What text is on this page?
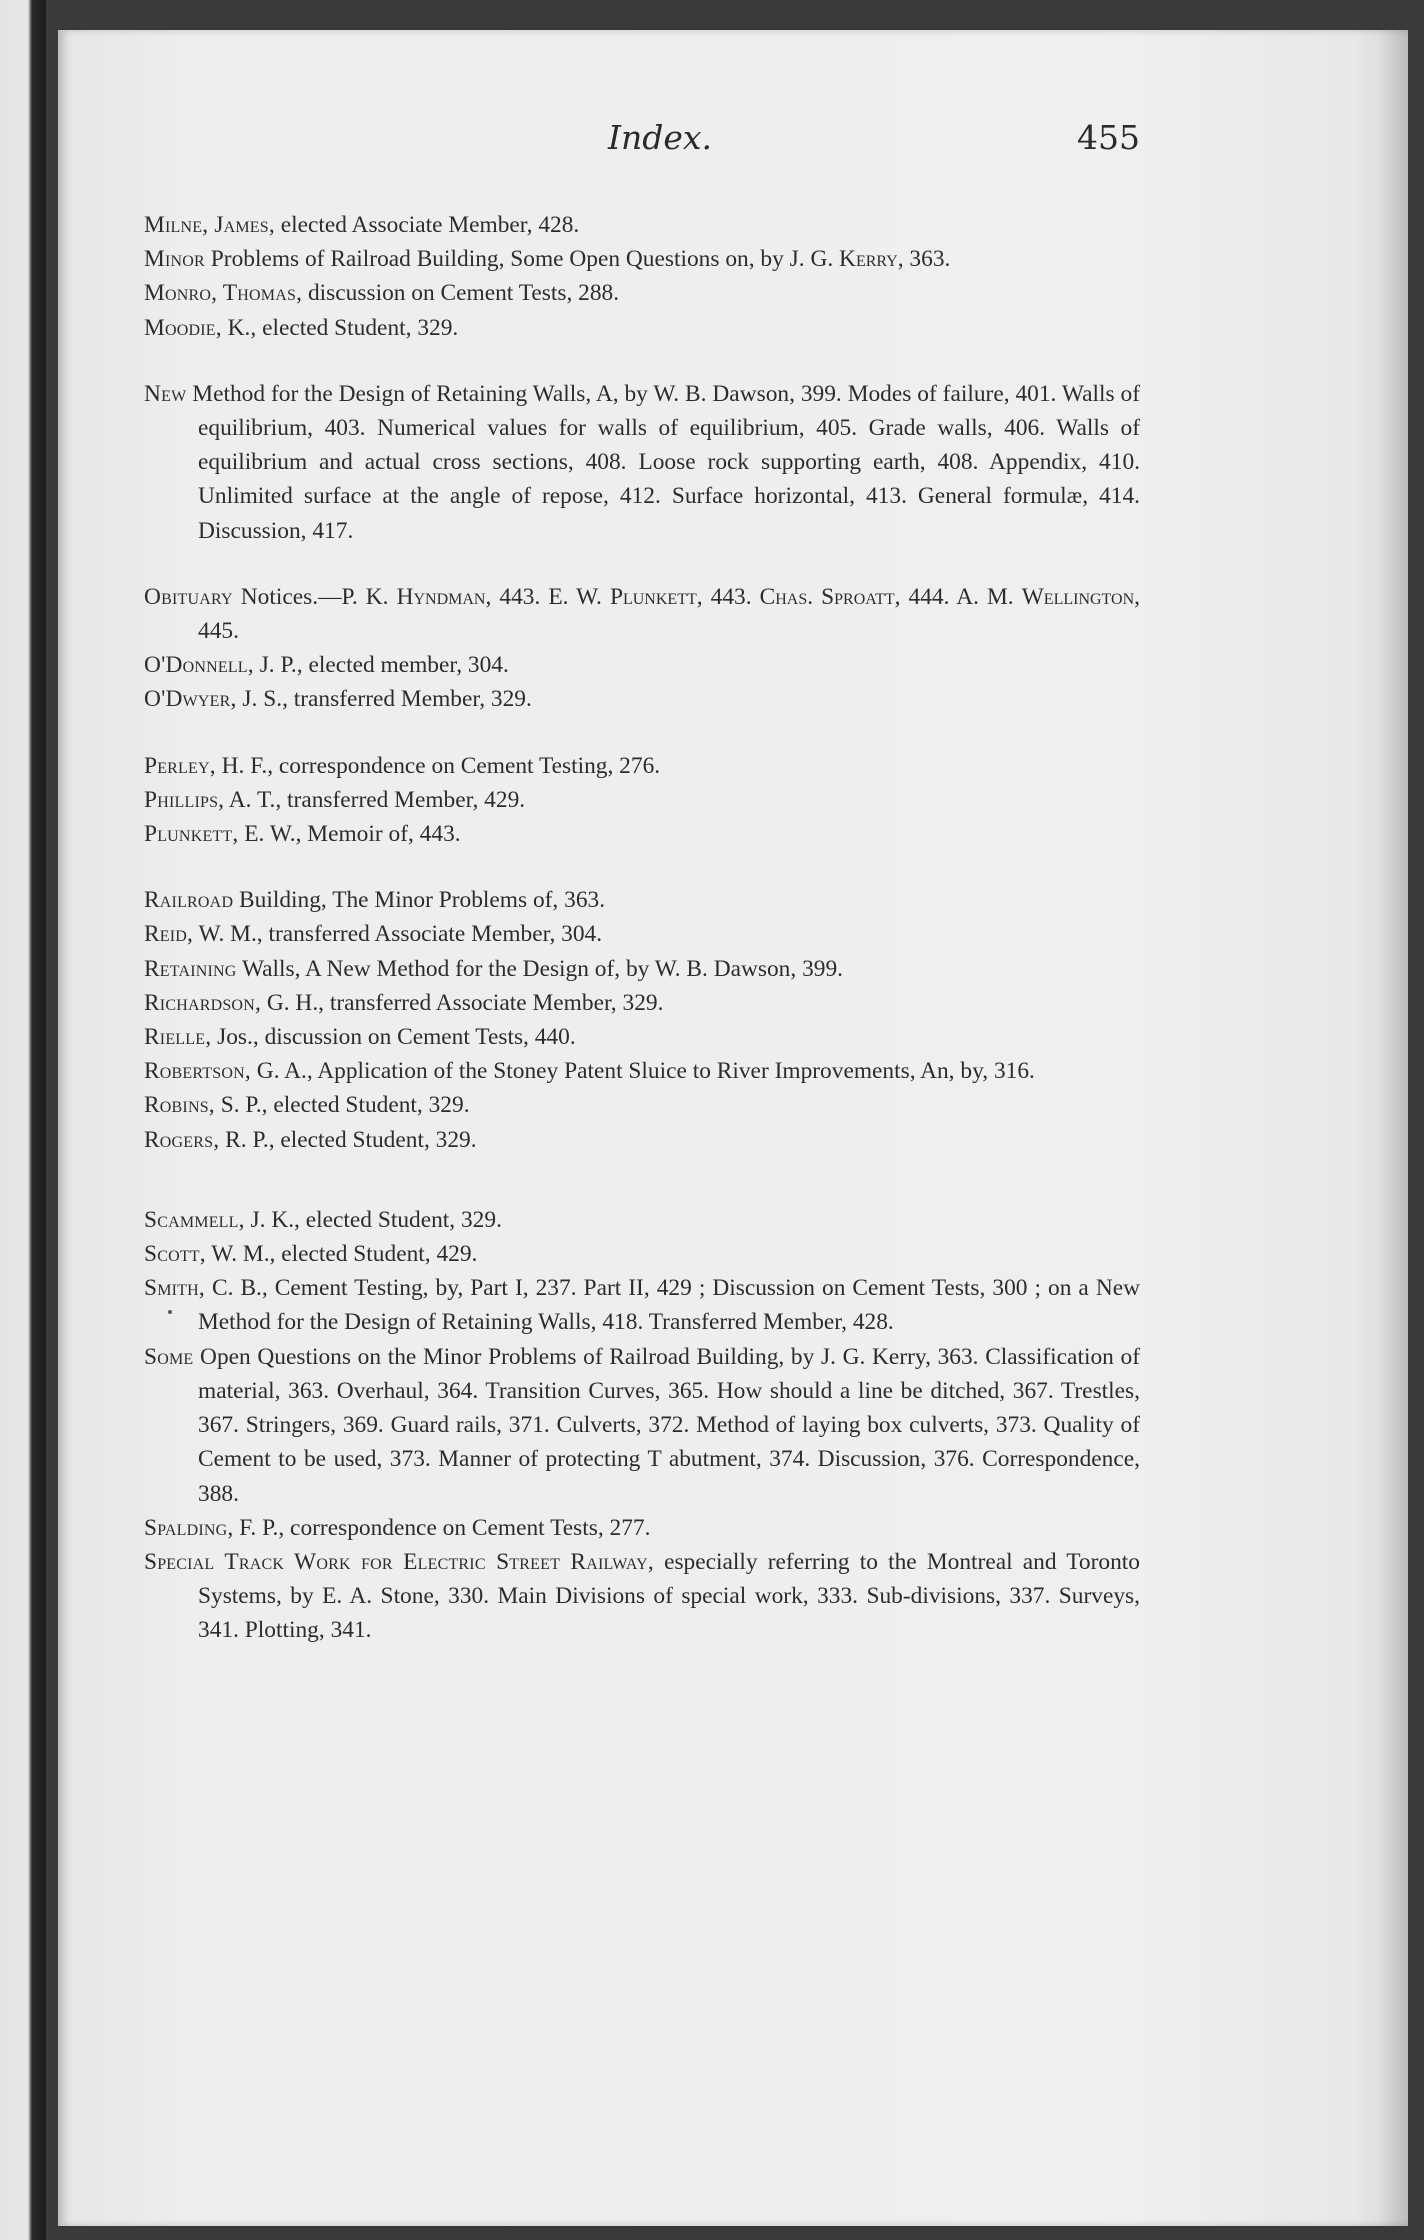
Index.	455

Milne, James, elected Associate Member, 428.

Minor Problems of Railroad Building, Some Open Questions on, by J. G. Kerry, 363.

Monro, Thomas, discussion on Cement Tests, 288.

Moodie, K., elected Student, 329.

New Method for the Design of Retaining Walls, A, by W. B. Dawson, 399. Modes of failure, 401. Walls of equilibrium, 403. Numerical values for walls of equilibrium, 405. Grade walls, 406. Walls of equilibrium and actual cross sections, 408. Loose rock supporting earth, 408. Appendix, 410. Unlimited surface at the angle of repose, 412. Surface horizontal, 413. General formulæ, 414. Discussion, 417.

Obituary Notices.—P. K. Hyndman, 443. E. W. Plunkett, 443. Chas. Sproatt, 444. A. M. Wellington, 445.

O'Donnell, J. P., elected member, 304.

O'Dwyer, J. S., transferred Member, 329.

Perley, H. F., correspondence on Cement Testing, 276.

Phillips, A. T., transferred Member, 429.

Plunkett, E. W., Memoir of, 443.

Railroad Building, The Minor Problems of, 363.

Reid, W. M., transferred Associate Member, 304.

Retaining Walls, A New Method for the Design of, by W. B. Dawson, 399.

Richardson, G. H., transferred Associate Member, 329.

Rielle, Jos., discussion on Cement Tests, 440.

Robertson, G. A., Application of the Stoney Patent Sluice to River Improvements, An, by, 316.

Robins, S. P., elected Student, 329.

Rogers, R. P., elected Student, 329.

Scammell, J. K., elected Student, 329.

Scott, W. M., elected Student, 429.

Smith, C. B., Cement Testing, by, Part I, 237. Part II, 429 ; Discussion on Cement Tests, 300 ; on a New Method for the Design of Retaining Walls, 418. Transferred Member, 428.

Some Open Questions on the Minor Problems of Railroad Building, by J. G. Kerry, 363. Classification of material, 363. Overhaul, 364. Transition Curves, 365. How should a line be ditched, 367. Trestles, 367. Stringers, 369. Guard rails, 371. Culverts, 372. Method of laying box culverts, 373. Quality of Cement to be used, 373. Manner of protecting T abutment, 374. Discussion, 376. Correspondence, 388.

Spalding, F. P., correspondence on Cement Tests, 277.

Special Track Work for Electric Street Railway, especially referring to the Montreal and Toronto Systems, by E. A. Stone, 330. Main Divisions of special work, 333. Sub-divisions, 337. Surveys, 341. Plotting, 341.
